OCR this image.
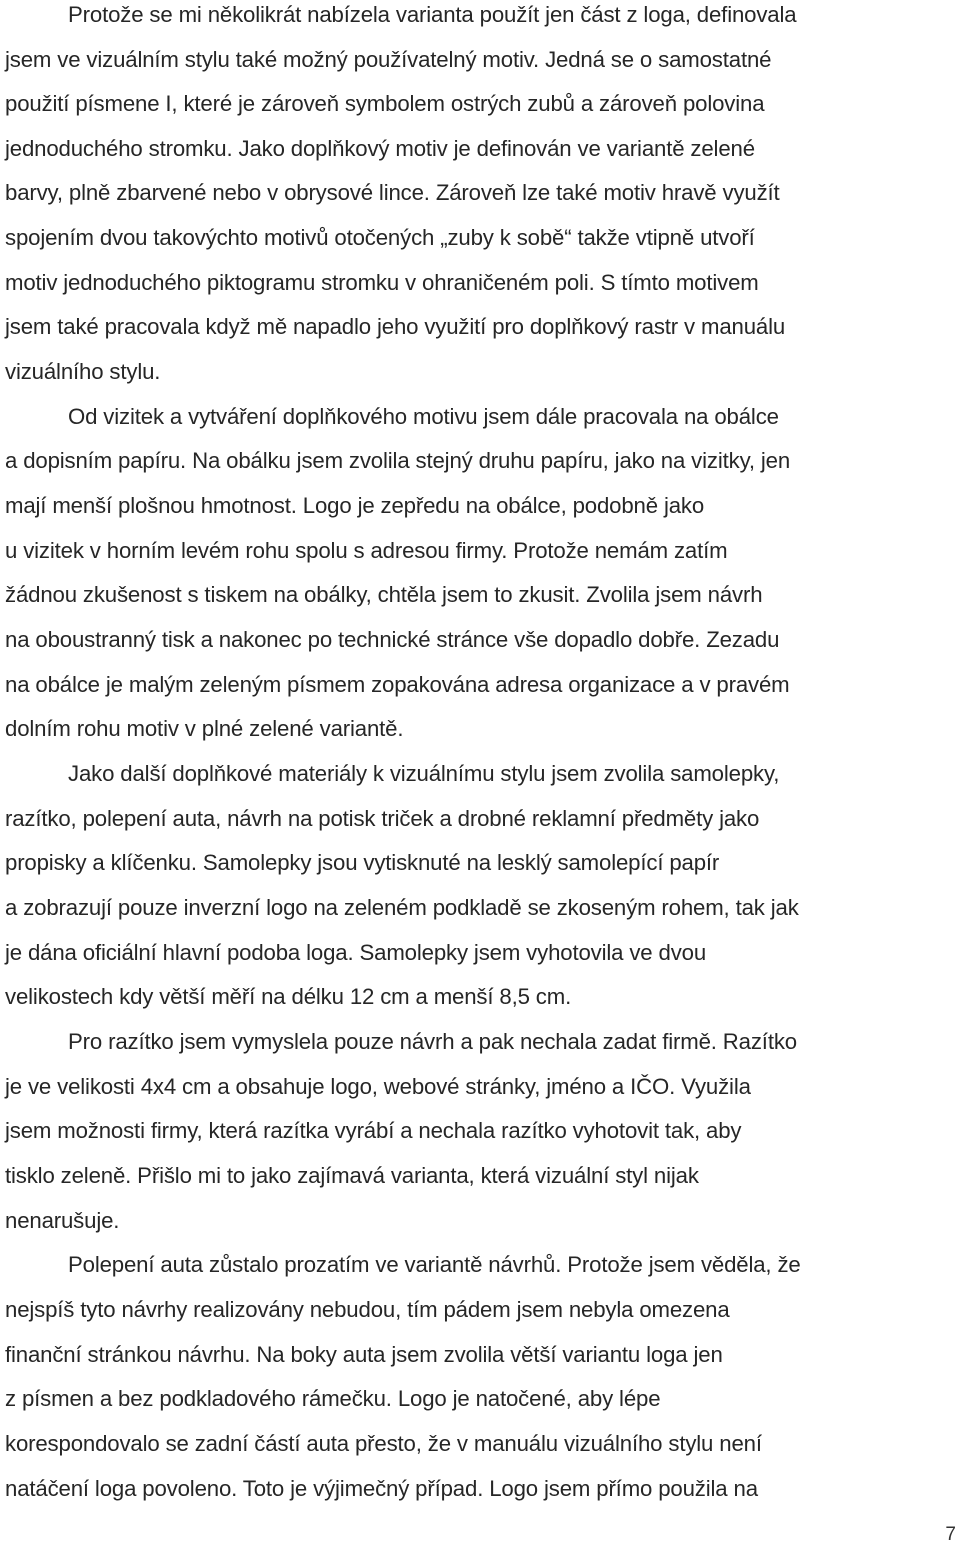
Protože se mi několikrát nabízela varianta použít jen část z loga, definovala

jsem ve vizuálním stylu také možný používatelný motiv. Jedná se o samostatné

použití písmene I, které je zároveň symbolem ostrých zubů a zároveň polovina

jednoduchého stromku. Jako doplňkový motiv je definován ve variantě zelené

barvy, plně zbarvené nebo v obrysové lince. Zároveň lze také motiv hravě využít

spojením dvou takovýchto motivů otočených „zuby k sobě“ takže vtipně utvoří

motiv jednoduchého piktogramu stromku v ohraničeném poli. S tímto motivem

jsem také pracovala když mě napadlo jeho využití pro doplňkový rastr v manuálu

vizuálního stylu.

Od vizitek a vytváření doplňkového motivu jsem dále pracovala na obálce

a dopisním papíru. Na obálku jsem zvolila stejný druhu papíru, jako na vizitky, jen

mají menší plošnou hmotnost. Logo je zepředu na obálce, podobně jako

u vizitek v horním levém rohu spolu s adresou firmy. Protože nemám zatím

žádnou zkušenost s tiskem na obálky, chtěla jsem to zkusit. Zvolila jsem návrh

na oboustranný tisk a nakonec po technické stránce vše dopadlo dobře. Zezadu

na obálce je malým zeleným písmem zopakována adresa organizace a v pravém

dolním rohu motiv v plné zelené variantě.

Jako další doplňkové materiály k vizuálnímu stylu jsem zvolila samolepky,

razítko, polepení auta, návrh na potisk triček a drobné reklamní předměty jako

propisky a klíčenku. Samolepky jsou vytisknuté na lesklý samolepící papír

a zobrazují pouze inverzní logo na zeleném podkladě se zkoseným rohem, tak jak

je dána oficiální hlavní podoba loga. Samolepky jsem vyhotovila ve dvou

velikostech kdy větší měří na délku 12 cm a menší 8,5 cm.

Pro razítko jsem vymyslela pouze návrh a pak nechala zadat firmě. Razítko

je ve velikosti 4x4 cm a obsahuje logo, webové stránky, jméno a IČO. Využila

jsem možnosti firmy, která razítka vyrábí a nechala razítko vyhotovit tak, aby

tisklo zeleně. Přišlo mi to jako zajímavá varianta, která vizuální styl nijak

nenarušuje.

Polepení auta zůstalo prozatím ve variantě návrhů. Protože jsem věděla, že

nejspíš tyto návrhy realizovány nebudou, tím pádem jsem nebyla omezena

finanční stránkou návrhu. Na boky auta jsem zvolila větší variantu loga jen

z písmen a bez podkladového rámečku. Logo je natočené, aby lépe

korespondovalo se zadní částí auta přesto, že v manuálu vizuálního stylu není

natáčení loga povoleno. Toto je výjimečný případ. Logo jsem přímo použila na

7
